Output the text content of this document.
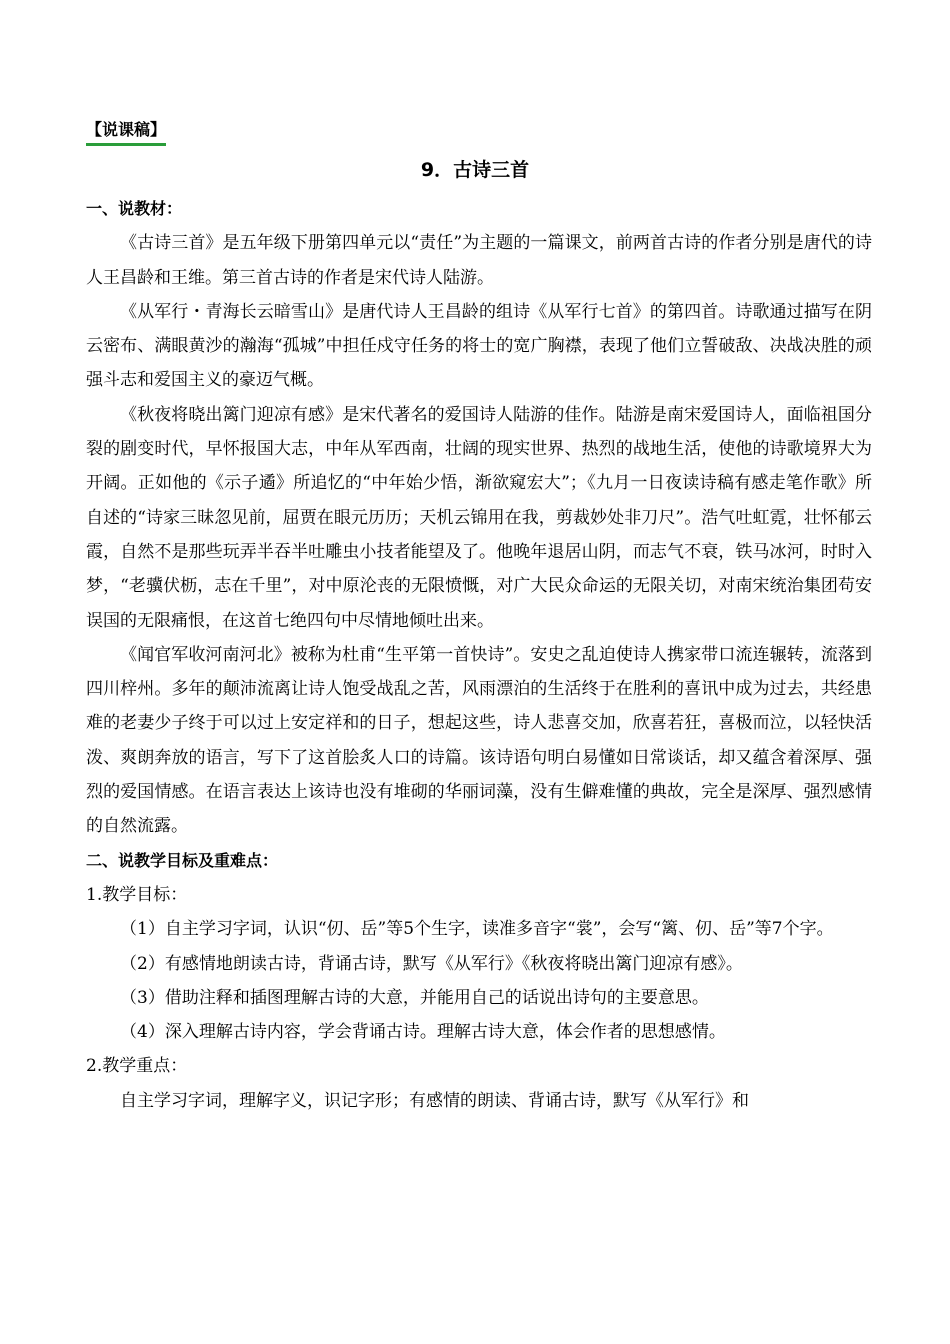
【说课稿】
9．古诗三首

一、说教材：

《古诗三首》是五年级下册第四单元以“责任”为主题的一篇课文，前两首古诗的作者分别是唐代的诗人王昌龄和王维。第三首古诗的作者是宋代诗人陆游。

《从军行・青海长云暗雪山》是唐代诗人王昌龄的组诗《从军行七首》的第四首。诗歌通过描写在阴云密布、满眼黄沙的瀚海“孤城”中担任戍守任务的将士的宽广胸襟，表现了他们立誓破敌、决战决胜的顽强斗志和爱国主义的豪迈气概。

《秋夜将晓出篱门迎凉有感》是宋代著名的爱国诗人陆游的佳作。陆游是南宋爱国诗人，面临祖国分裂的剧变时代，早怀报国大志，中年从军西南，壮阔的现实世界、热烈的战地生活，使他的诗歌境界大为开阔。正如他的《示子遹》所追忆的“中年始少悟，渐欲窥宏大”；《九月一日夜读诗稿有感走笔作歌》所自述的“诗家三昧忽见前，屈贾在眼元历历；天机云锦用在我，剪裁妙处非刀尺”。浩气吐虹霓，壮怀郁云霞，自然不是那些玩弄半吞半吐雕虫小技者能望及了。他晚年退居山阴，而志气不衰，铁马冰河，时时入梦，“老骥伏枥，志在千里”，对中原沦丧的无限愤慨，对广大民众命运的无限关切，对南宋统治集团苟安误国的无限痛恨，在这首七绝四句中尽情地倾吐出来。

《闻官军收河南河北》被称为杜甫“生平第一首快诗”。安史之乱迫使诗人携家带口流连辗转，流落到四川梓州。多年的颠沛流离让诗人饱受战乱之苦，风雨漂泊的生活终于在胜利的喜讯中成为过去，共经患难的老妻少子终于可以过上安定祥和的日子，想起这些，诗人悲喜交加，欣喜若狂，喜极而泣，以轻快活泼、爽朗奔放的语言，写下了这首脍炙人口的诗篇。该诗语句明白易懂如日常谈话，却又蕴含着深厚、强烈的爱国情感。在语言表达上该诗也没有堆砌的华丽词藻，没有生僻难懂的典故，完全是深厚、强烈感情的自然流露。

二、说教学目标及重难点：

1.教学目标：

（1）自主学习字词，认识“仞、岳”等5个生字，读准多音字“裳”，会写“篱、仞、岳”等7个字。

（2）有感情地朗读古诗，背诵古诗，默写《从军行》《秋夜将晓出篱门迎凉有感》。

（3）借助注释和插图理解古诗的大意，并能用自己的话说出诗句的主要意思。

（4）深入理解古诗内容，学会背诵古诗。理解古诗大意，体会作者的思想感情。

2.教学重点：

自主学习字词，理解字义，识记字形；有感情的朗读、背诵古诗，默写《从军行》和
